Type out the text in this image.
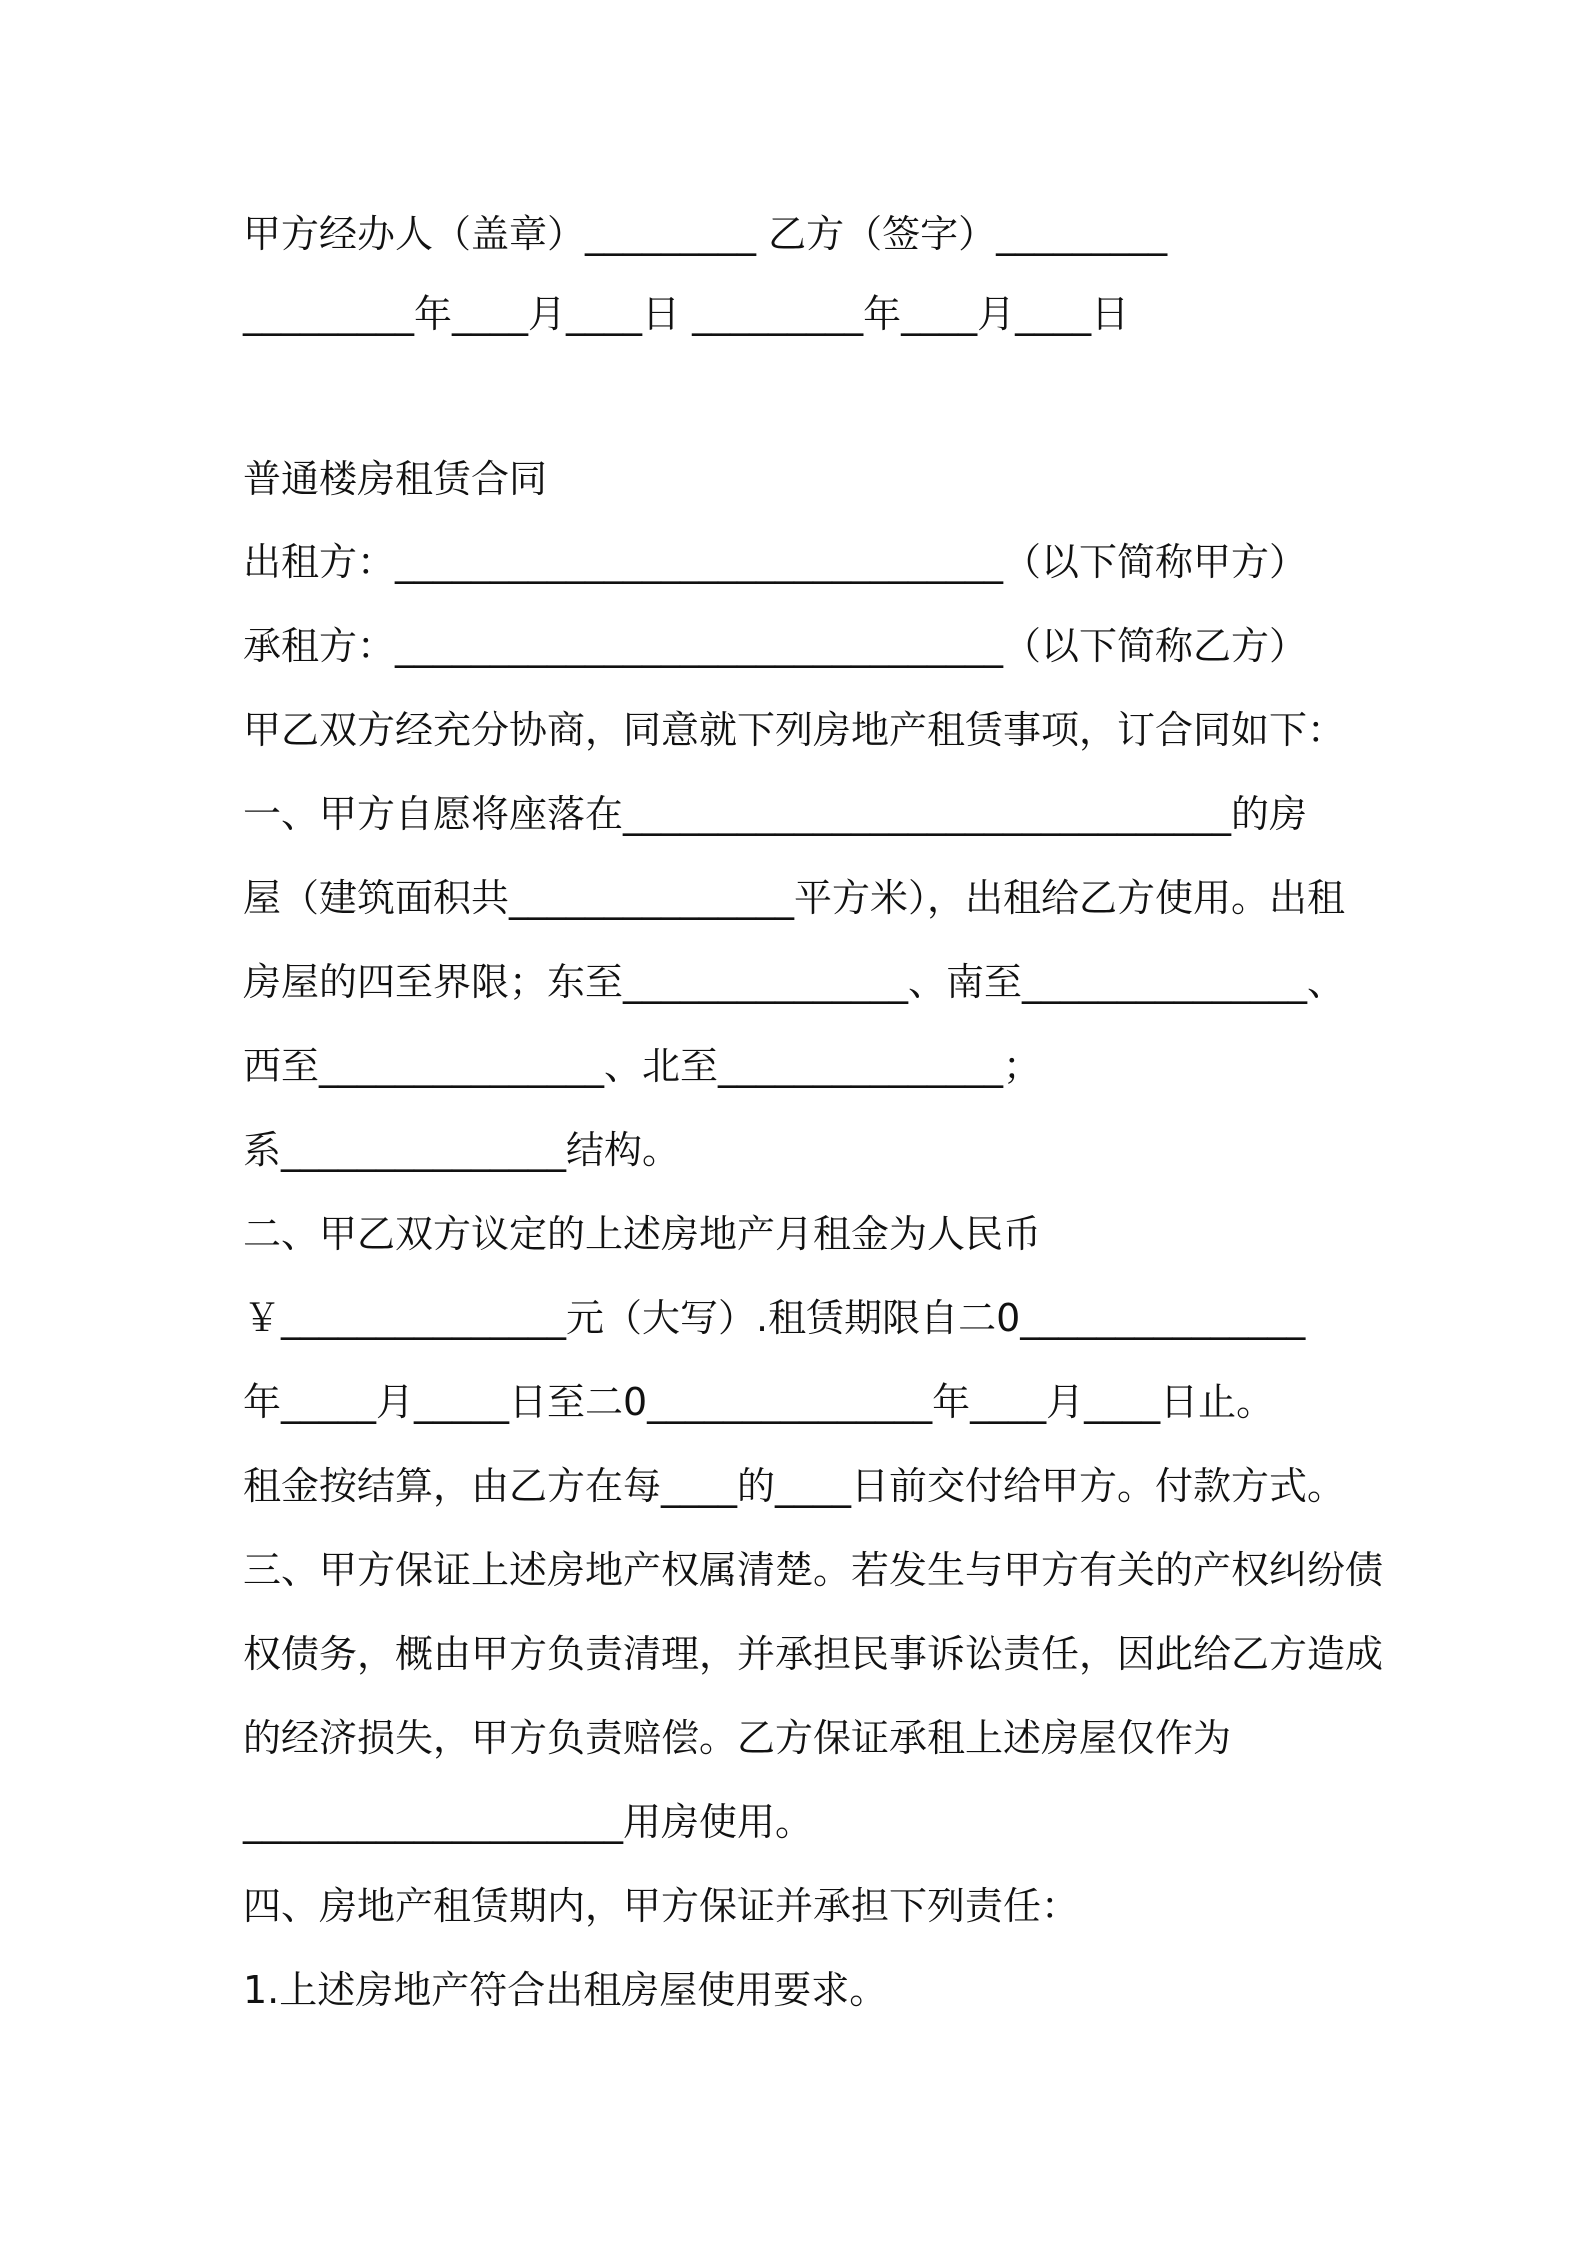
甲方经办人（盖章）_________ 乙方（签字）_________
_________年____月____日 _________年____月____日
普通楼房租赁合同
出租方：________________________________（以下简称甲方）
承租方：________________________________（以下简称乙方）
甲乙双方经充分协商，同意就下列房地产租赁事项，订合同如下：
一、甲方自愿将座落在________________________________的房
屋（建筑面积共_______________平方米），出租给乙方使用。出租
房屋的四至界限；东至_______________、南至_______________、
西至_______________、北至_______________；
系_______________结构。
二、甲乙双方议定的上述房地产月租金为人民币
￥_______________元（大写）.租赁期限自二0_______________
年_____月_____日至二0_______________年____月____日止。
租金按结算，由乙方在每____的____日前交付给甲方。付款方式。
三、甲方保证上述房地产权属清楚。若发生与甲方有关的产权纠纷债
权债务，概由甲方负责清理，并承担民事诉讼责任，因此给乙方造成
的经济损失，甲方负责赔偿。乙方保证承租上述房屋仅作为
____________________用房使用。
四、房地产租赁期内，甲方保证并承担下列责任：
1.上述房地产符合出租房屋使用要求。
